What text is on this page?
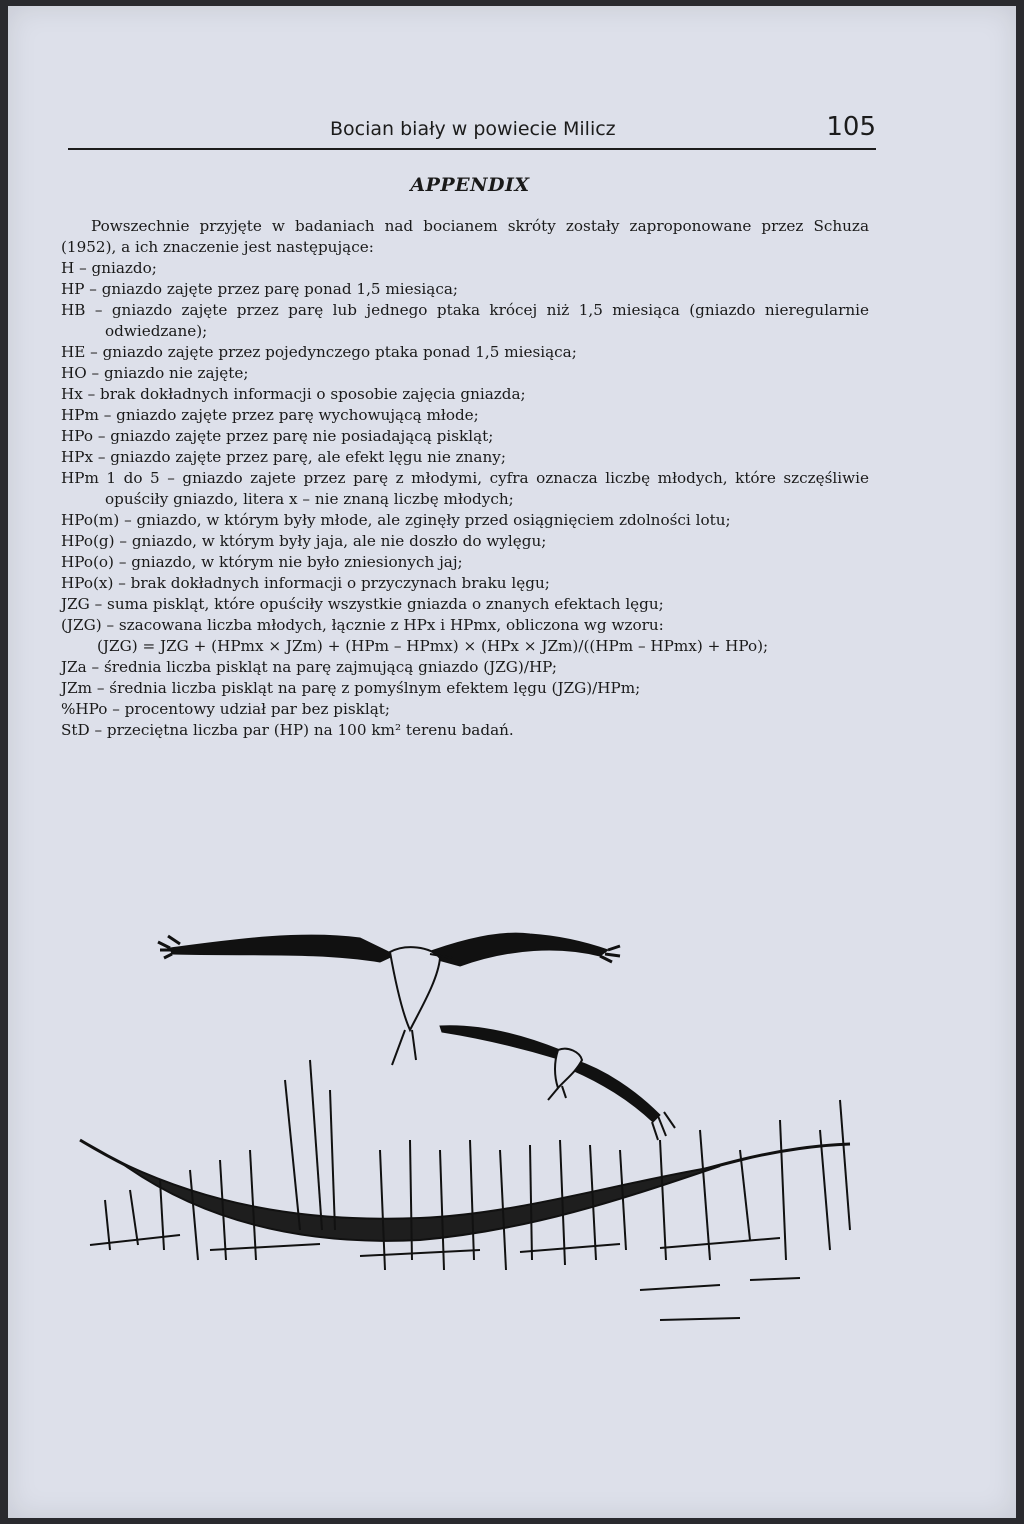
Bocian biały w powiecie Milicz	105
APPENDIX

Powszechnie przyjęte w badaniach nad bocianem skróty zostały zaproponowane przez Schuza (1952), a ich znaczenie jest następujące:

H – gniazdo;

HP – gniazdo zajęte przez parę ponad 1,5 miesiąca;

HB – gniazdo zajęte przez parę lub jednego ptaka krócej niż 1,5 miesiąca (gniazdo nieregularnie odwiedzane);

HE – gniazdo zajęte przez pojedynczego ptaka ponad 1,5 miesiąca;

HO – gniazdo nie zajęte;

Hx – brak dokładnych informacji o sposobie zajęcia gniazda;

HPm – gniazdo zajęte przez parę wychowującą młode;

HPo – gniazdo zajęte przez parę nie posiadającą piskląt;

HPx – gniazdo zajęte przez parę, ale efekt lęgu nie znany;

HPm 1 do 5 – gniazdo zajete przez parę z młodymi, cyfra oznacza liczbę młodych, które szczęśliwie opuściły gniazdo, litera x – nie znaną liczbę młodych;

HPo(m) – gniazdo, w którym były młode, ale zginęły przed osiągnięciem zdolności lotu;

HPo(g) – gniazdo, w którym były jaja, ale nie doszło do wylęgu;

HPo(o) – gniazdo, w którym nie było zniesionych jaj;

HPo(x) – brak dokładnych informacji o przyczynach braku lęgu;

JZG – suma piskląt, które opuściły wszystkie gniazda o znanych efektach lęgu;

(JZG) – szacowana liczba młodych, łącznie z HPx i HPmx, obliczona wg wzoru:

(JZG) = JZG + (HPmx × JZm) + (HPm – HPmx) × (HPx × JZm)/((HPm – HPmx) + HPo);

JZa – średnia liczba piskląt na parę zajmującą gniazdo (JZG)/HP;

JZm – średnia liczba piskląt na parę z pomyślnym efektem lęgu (JZG)/HPm;

%HPo – procentowy udział par bez piskląt;

StD – przeciętna liczba par (HP) na 100 km² terenu badań.
